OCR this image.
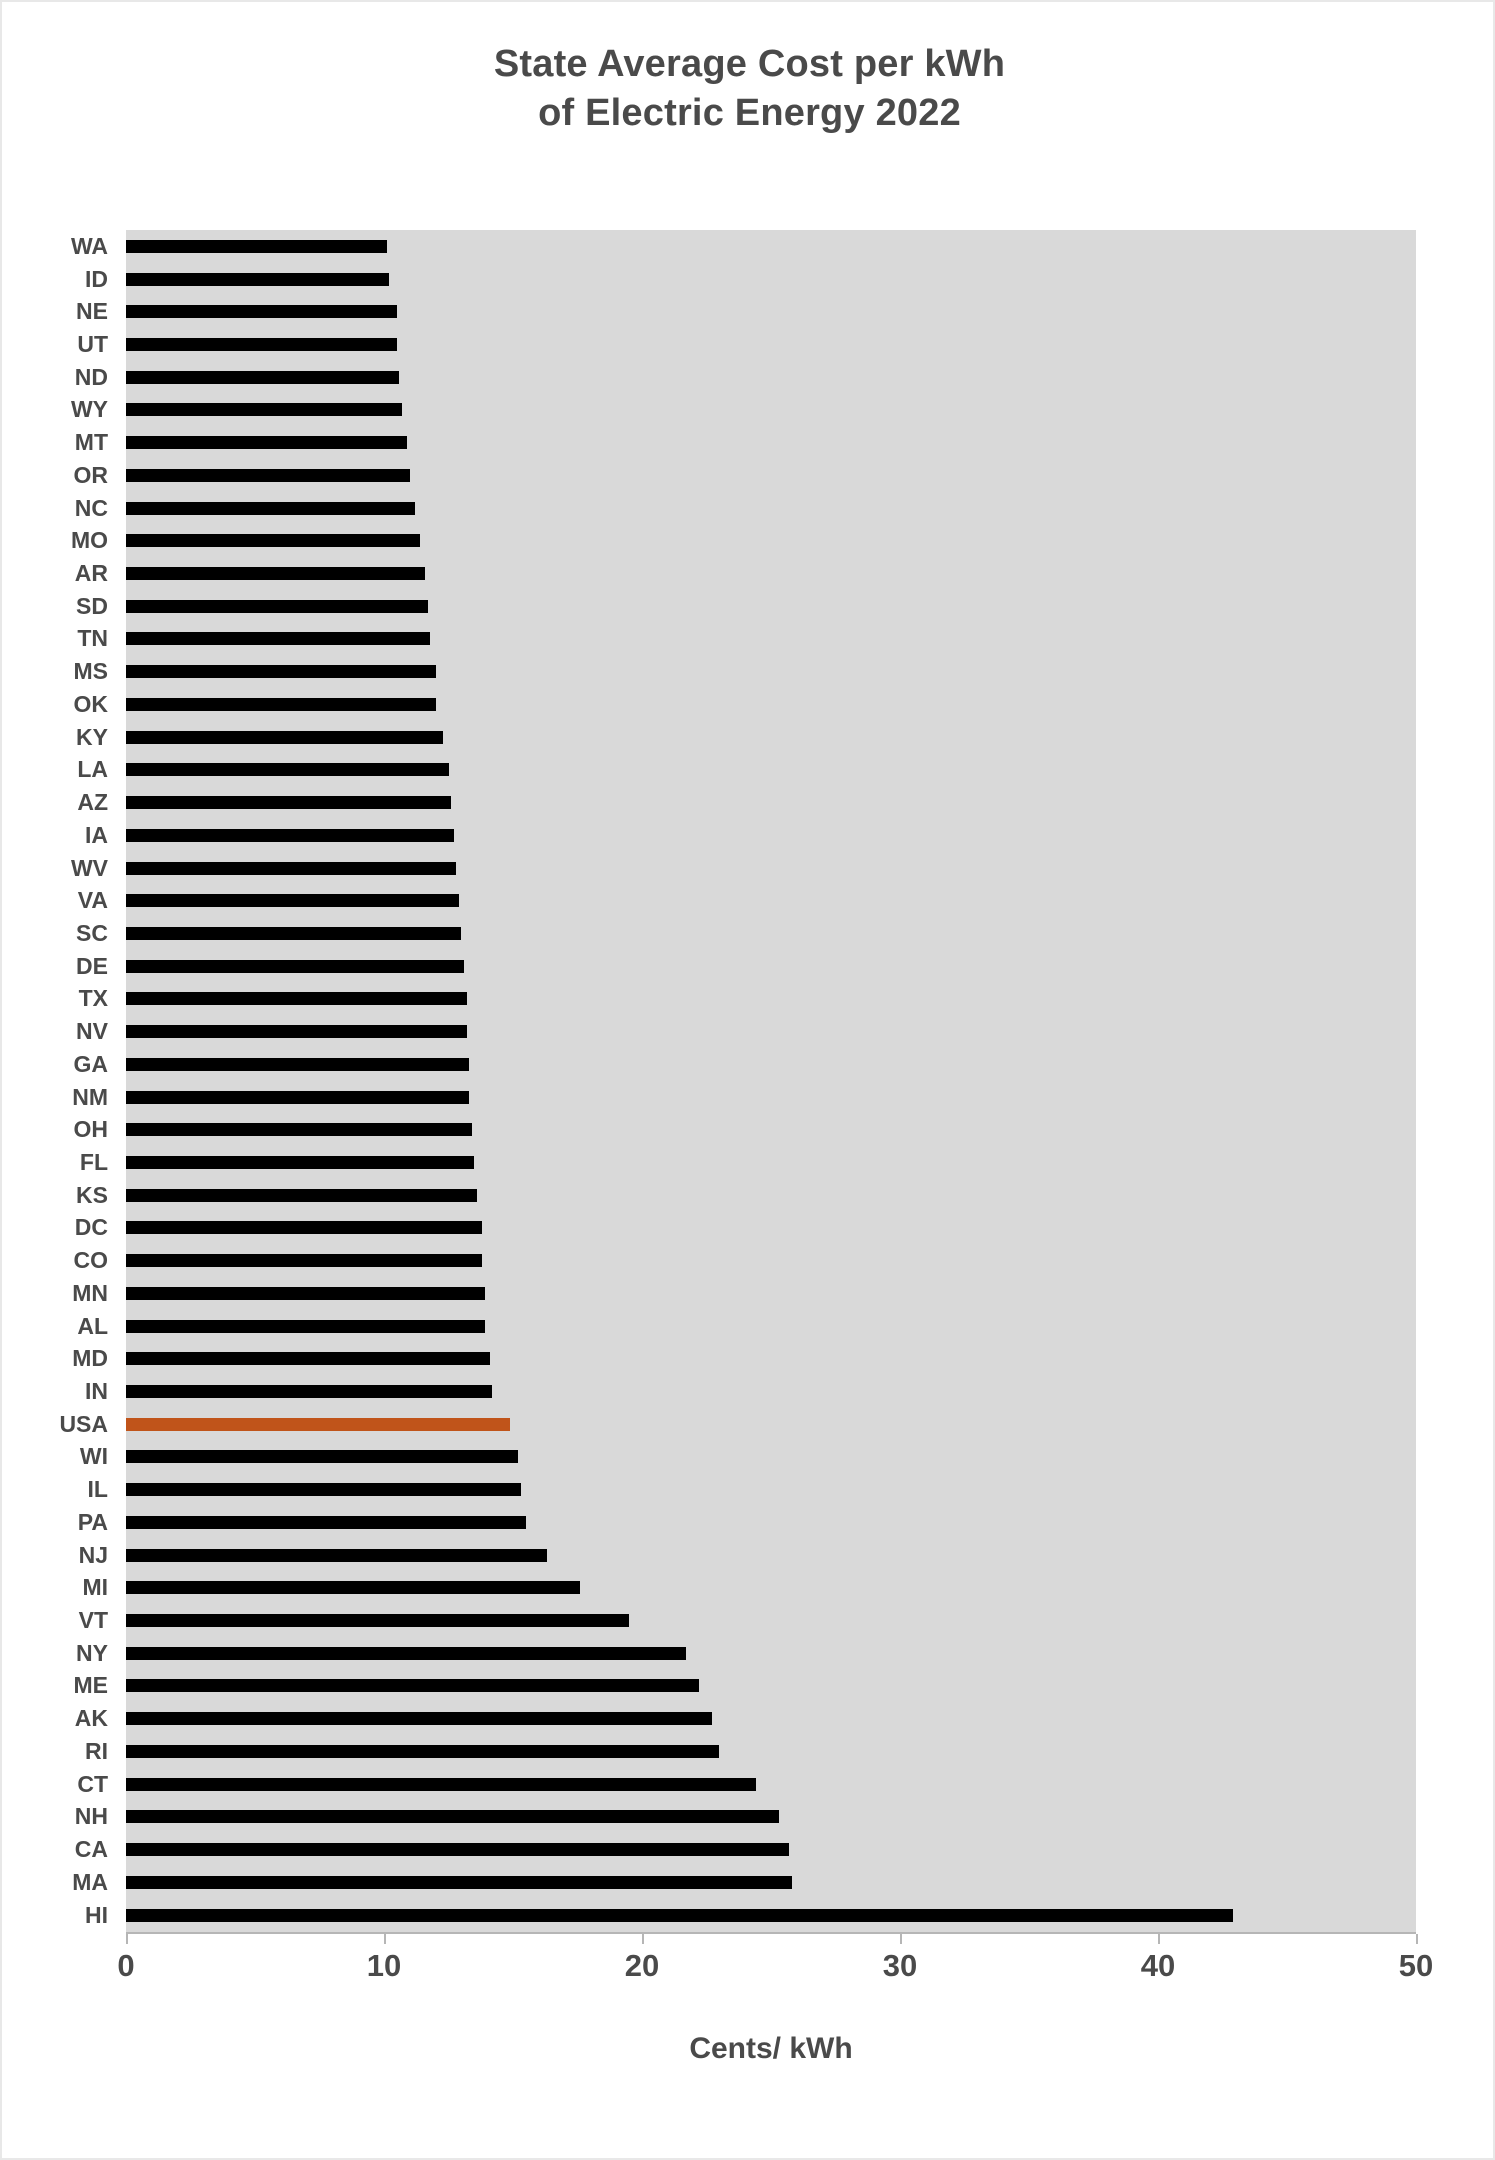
State Average Cost per kWh
of Electric Energy 2022
WA
ID
NE
UT
ND
WY
MT
OR
NC
MO
AR
SD
TN
MS
OK
KY
LA
AZ
IA
WV
VA
SC
DE
TX
NV
GA
NM
OH
FL
KS
DC
CO
MN
AL
MD
IN
USA
WI
IL
PA
NJ
MI
VT
NY
ME
AK
RI
CT
NH
CA
MA
HI
0	10	20	30	40	50
Cents/ kWh
